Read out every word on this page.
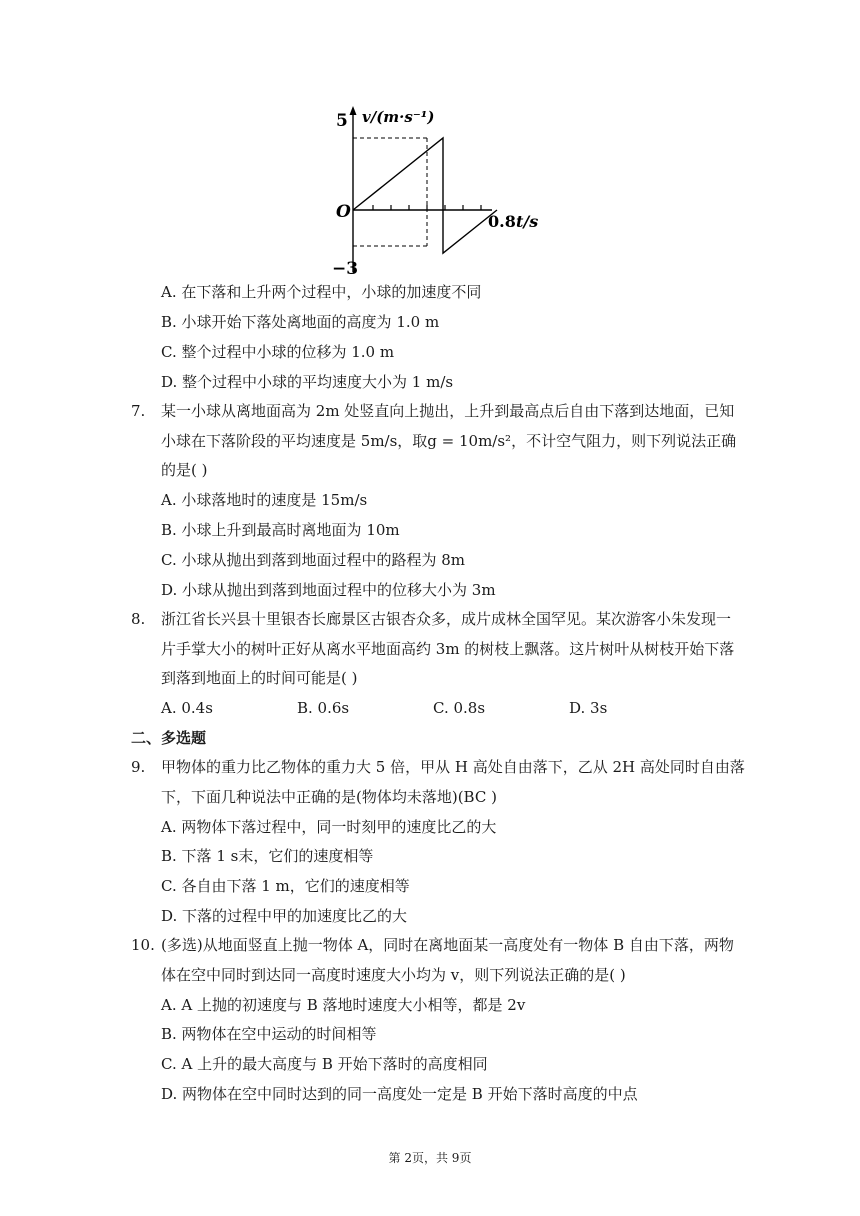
5 v/(m·s⁻¹)
O	0.8 t/s
−3
A. 在下落和上升两个过程中，小球的加速度不同
B. 小球开始下落处离地面的高度为 1.0 m
C. 整个过程中小球的位移为 1.0 m
D. 整个过程中小球的平均速度大小为 1 m/s
7. 某一小球从离地面高为 2m 处竖直向上抛出，上升到最高点后自由下落到达地面，已知
小球在下落阶段的平均速度是 5m/s，取g = 10m/s²，不计空气阻力，则下列说法正确
的是( )
A. 小球落地时的速度是 15m/s
B. 小球上升到最高时离地面为 10m
C. 小球从抛出到落到地面过程中的路程为 8m
D. 小球从抛出到落到地面过程中的位移大小为 3m
8. 浙江省长兴县十里银杏长廊景区古银杏众多，成片成林全国罕见。某次游客小朱发现一
片手掌大小的树叶正好从离水平地面高约 3m 的树枝上飘落。这片树叶从树枝开始下落
到落到地面上的时间可能是( )
A. 0.4s	B. 0.6s	C. 0.8s	D. 3s
二、多选题
9. 甲物体的重力比乙物体的重力大 5 倍，甲从 H 高处自由落下，乙从 2H 高处同时自由落
下，下面几种说法中正确的是(物体均未落地)(BC )
A. 两物体下落过程中，同一时刻甲的速度比乙的大
B. 下落 1 s末，它们的速度相等
C. 各自由下落 1 m，它们的速度相等
D. 下落的过程中甲的加速度比乙的大
10. (多选)从地面竖直上抛一物体 A，同时在离地面某一高度处有一物体 B 自由下落，两物
体在空中同时到达同一高度时速度大小均为 v，则下列说法正确的是( )
A. A 上抛的初速度与 B 落地时速度大小相等，都是 2v
B. 两物体在空中运动的时间相等
C. A 上升的最大高度与 B 开始下落时的高度相同
D. 两物体在空中同时达到的同一高度处一定是 B 开始下落时高度的中点
第 2页，共 9页
